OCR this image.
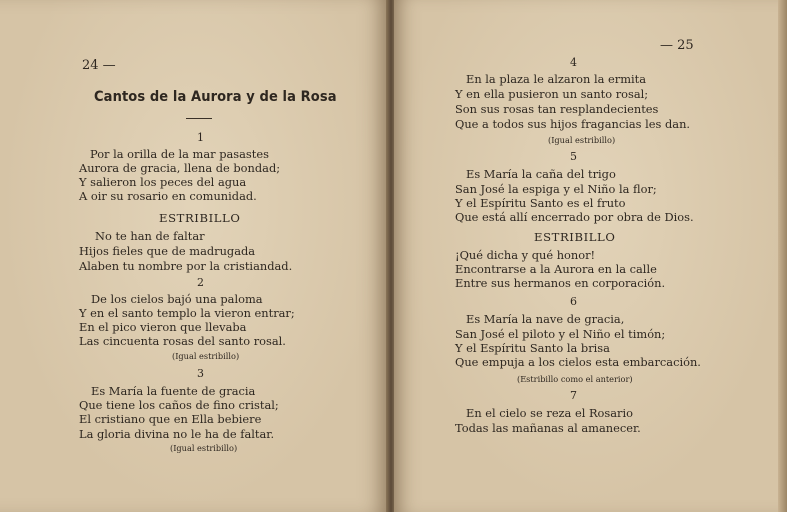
24 —
Cantos de la Aurora y de la Rosa
1
Por la orilla de la mar pasastes
Aurora de gracia, llena de bondad;
Y salieron los peces del agua
A oir su rosario en comunidad.
ESTRIBILLO
No te han de faltar
Hijos fieles que de madrugada
Alaben tu nombre por la cristiandad.
2
De los cielos bajó una paloma
Y en el santo templo la vieron entrar;
En el pico vieron que llevaba
Las cincuenta rosas del santo rosal.
(Igual estribillo)
3
Es María la fuente de gracia
Que tiene los caños de fino cristal;
El cristiano que en Ella bebiere
La gloria divina no le ha de faltar.
(Igual estribillo)
— 25
4
En la plaza le alzaron la ermita
Y en ella pusieron un santo rosal;
Son sus rosas tan resplandecientes
Que a todos sus hijos fragancias les dan.
(Igual estribillo)
5
Es María la caña del trigo
San José la espiga y el Niño la flor;
Y el Espíritu Santo es el fruto
Que está allí encerrado por obra de Dios.
ESTRIBILLO
¡Qué dicha y qué honor!
Encontrarse a la Aurora en la calle
Entre sus hermanos en corporación.
6
Es María la nave de gracia,
San José el piloto y el Niño el timón;
Y el Espíritu Santo la brisa
Que empuja a los cielos esta embarcación.
(Estribillo como el anterior)
7
En el cielo se reza el Rosario
Todas las mañanas al amanecer.
